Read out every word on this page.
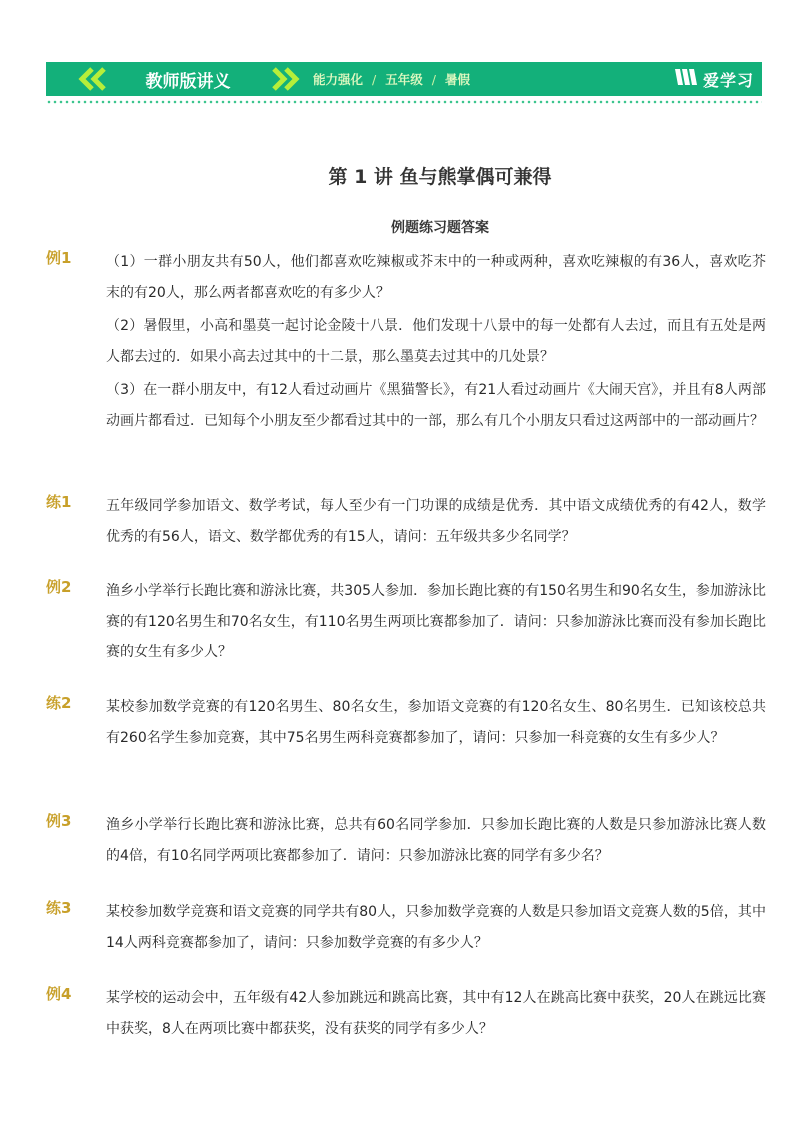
教师版 讲义	能力强化 / 五年级 / 暑假	爱学习
第 1 讲 鱼与熊掌偶可兼得
例题练习题答案
例1 （1）一群小朋友共有50人，他们都喜欢吃辣椒或芥末中的一种或两种，喜欢吃辣椒的有36人，喜欢吃芥末的有20人，那么两者都喜欢吃的有多少人？

（2）暑假里，小高和墨莫一起讨论金陵十八景．他们发现十八景中的每一处都有人去过，而且有五处是两人都去过的．如果小高去过其中的十二景，那么墨莫去过其中的几处景？

（3）在一群小朋友中，有12人看过动画片《黑猫警长》，有21人看过动画片《大闹天宫》，并且有8人两部动画片都看过．已知每个小朋友至少都看过其中的一部，那么有几个小朋友只看过这两部中的一部动画片？

练1 五年级同学参加语文、数学考试，每人至少有一门功课的成绩是优秀．其中语文成绩优秀的有42人，数学优秀的有56人，语文、数学都优秀的有15人，请问：五年级共多少名同学？

例2 渔乡小学举行长跑比赛和游泳比赛，共305人参加．参加长跑比赛的有150名男生和90名女生，参加游泳比赛的有120名男生和70名女生，有110名男生两项比赛都参加了．请问：只参加游泳比赛而没有参加长跑比赛的女生有多少人？

练2 某校参加数学竞赛的有120名男生、80名女生，参加语文竞赛的有120名女生、80名男生．已知该校总共有260名学生参加竞赛，其中75名男生两科竞赛都参加了，请问：只参加一科竞赛的女生有多少人？

例3 渔乡小学举行长跑比赛和游泳比赛，总共有60名同学参加．只参加长跑比赛的人数是只参加游泳比赛人数的4倍，有10名同学两项比赛都参加了．请问：只参加游泳比赛的同学有多少名？

练3 某校参加数学竞赛和语文竞赛的同学共有80人，只参加数学竞赛的人数是只参加语文竞赛人数的5倍，其中14人两科竞赛都参加了，请问：只参加数学竞赛的有多少人？

例4 某学校的运动会中，五年级有42人参加跳远和跳高比赛，其中有12人在跳高比赛中获奖，20人在跳远比赛中获奖，8人在两项比赛中都获奖，没有获奖的同学有多少人？
